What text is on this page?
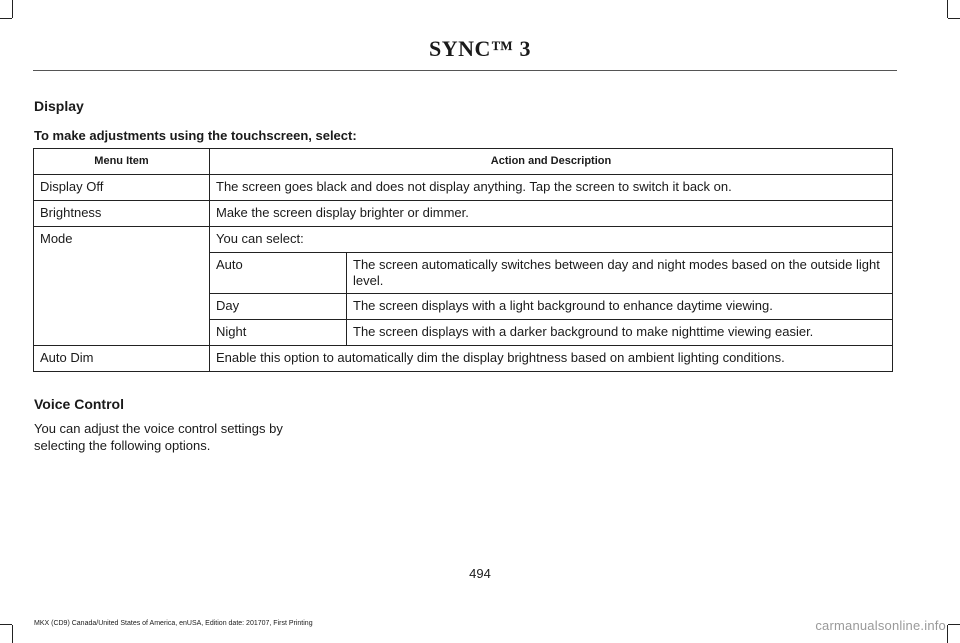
SYNC™ 3
Display
To make adjustments using the touchscreen, select:
Menu Item	Action and Description	
Display Off	The screen goes black and does not display anything. Tap the screen to switch it back on.	
Brightness	Make the screen display brighter or dimmer.	
Mode	You can select:	
	Auto	The screen automatically switches between day and night modes based on the outside light level.
	Day	The screen displays with a light background to enhance daytime viewing.
	Night	The screen displays with a darker background to make nighttime viewing easier.
Auto Dim	Enable this option to automatically dim the display brightness based on ambient lighting conditions.	
Voice Control
You can adjust the voice control settings by selecting the following options.
494
MKX (CD9) Canada/United States of America, enUSA, Edition date: 201707, First Printing	carmanualsonline.info
